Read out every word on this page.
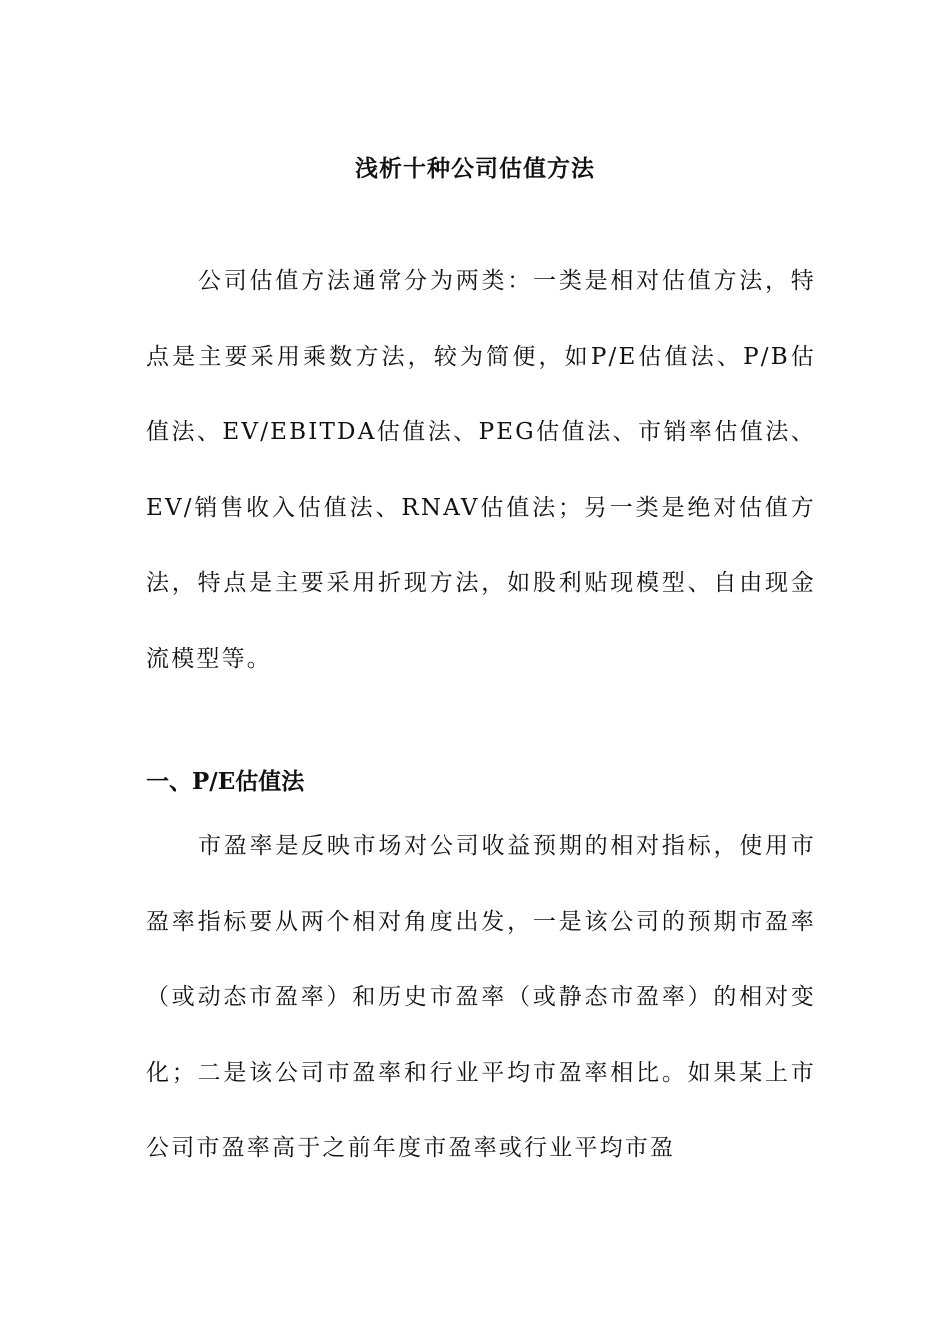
浅析十种公司估值方法

公司估值方法通常分为两类：一类是相对估值方法，特点是主要采用乘数方法，较为简便，如P/E估值法、P/B估值法、EV/EBITDA估值法、PEG估值法、市销率估值法、EV/销售收入估值法、RNAV估值法；另一类是绝对估值方法，特点是主要采用折现方法，如股利贴现模型、自由现金流模型等。

一、P/E估值法

市盈率是反映市场对公司收益预期的相对指标，使用市盈率指标要从两个相对角度出发，一是该公司的预期市盈率（或动态市盈率）和历史市盈率（或静态市盈率）的相对变化；二是该公司市盈率和行业平均市盈率相比。如果某上市公司市盈率高于之前年度市盈率或行业平均市盈
